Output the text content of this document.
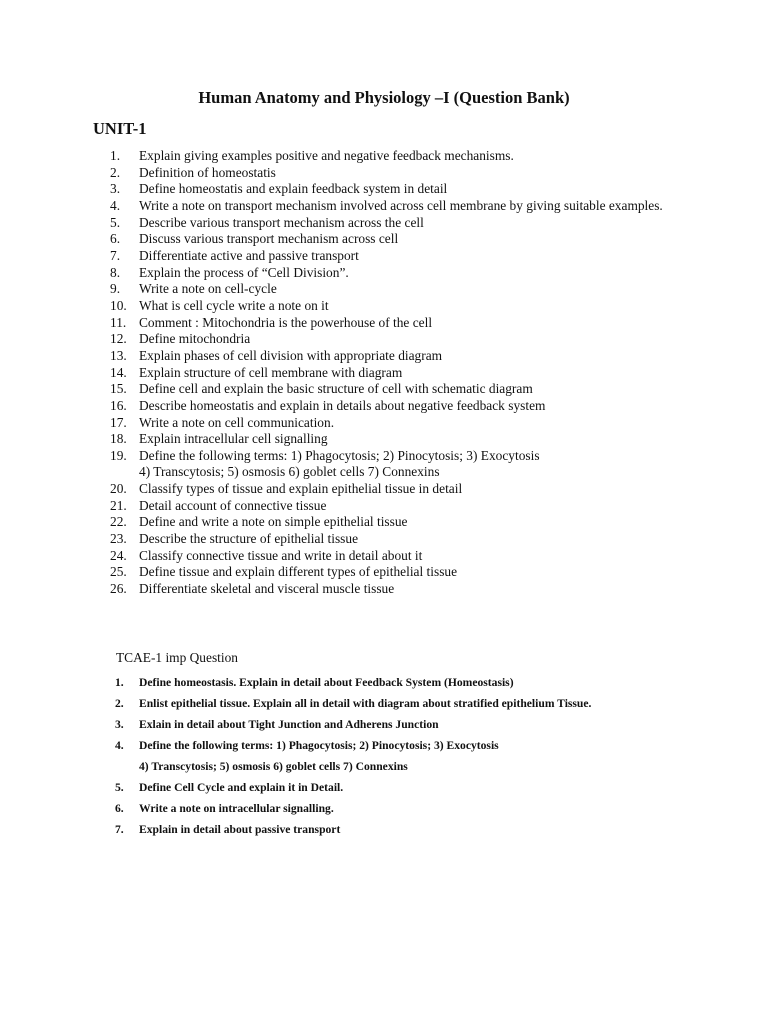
Human Anatomy and Physiology –I (Question Bank)
UNIT-1
1.	Explain giving examples positive and negative feedback mechanisms.
2.	Definition of homeostatis
3.	Define homeostatis and explain feedback system in detail
4.	Write a note on transport mechanism involved across cell membrane by giving suitable examples.
5.	Describe various transport mechanism across the cell
6.	Discuss various transport mechanism across cell
7.	Differentiate active and passive transport
8.	Explain the process of “Cell Division”.
9.	Write a note on cell-cycle
10. What is cell cycle write a note on it
11. Comment : Mitochondria is the powerhouse of the cell
12. Define mitochondria
13. Explain phases of cell division with appropriate diagram
14. Explain structure of cell membrane with diagram
15. Define cell and explain the basic structure of cell with schematic diagram
16. Describe homeostatis and explain in details about negative feedback system
17. Write a note on cell communication.
18. Explain intracellular cell signalling
19. Define the following terms: 1) Phagocytosis; 2) Pinocytosis; 3) Exocytosis
4) Transcytosis; 5) osmosis 6) goblet cells 7) Connexins
20. Classify types of tissue and explain epithelial tissue in detail
21. Detail account of connective tissue
22. Define and write a note on simple epithelial tissue
23. Describe the structure of epithelial tissue
24. Classify connective tissue and write in detail about it
25. Define tissue and explain different types of epithelial tissue
26. Differentiate skeletal and visceral muscle tissue

TCAE-1 imp Question

1.	Define homeostasis. Explain in detail about Feedback System (Homeostasis)
2.	Enlist epithelial tissue. Explain all in detail with diagram about stratified epithelium Tissue.
3.	Exlain in detail about Tight Junction and Adherens Junction
4.	Define the following terms: 1) Phagocytosis; 2) Pinocytosis; 3) Exocytosis
4) Transcytosis; 5) osmosis 6) goblet cells 7) Connexins
5.	Define Cell Cycle and explain it in Detail.
6.	Write a note on intracellular signalling.
7.	Explain in detail about passive transport
